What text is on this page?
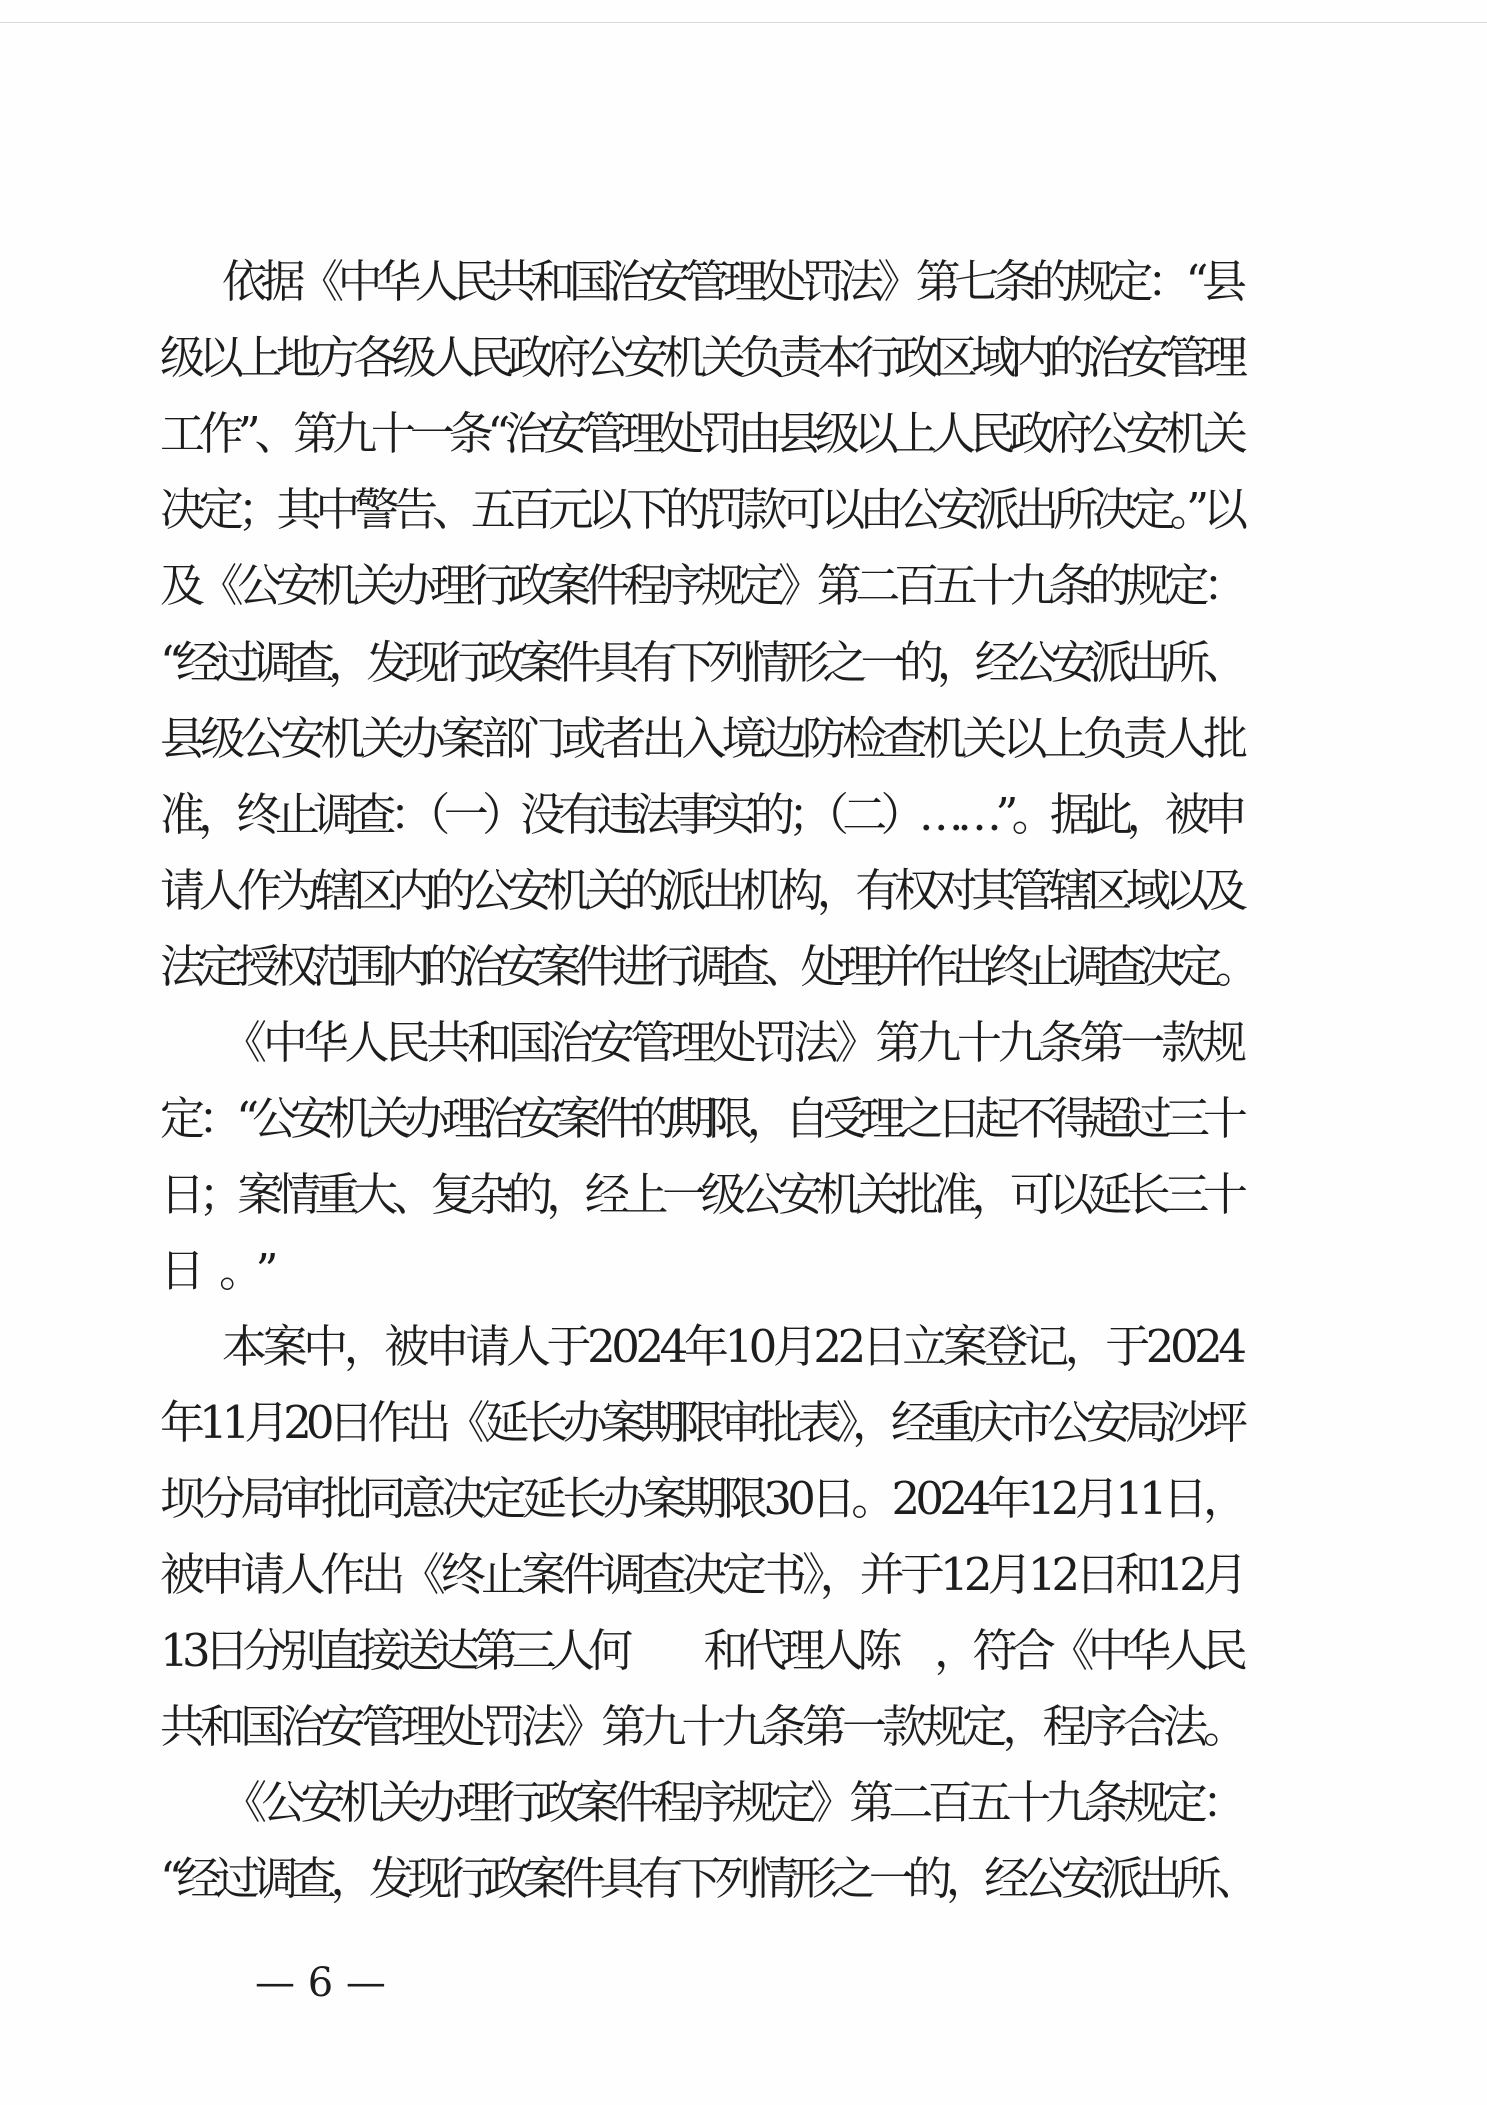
依据《中华人民共和国治安管理处罚法》第七条的规定：“县
级以上地方各级人民政府公安机关负责本行政区域内的治安管理
工作”、第九十一条“治安管理处罚由县级以上人民政府公安机关
决定；其中警告、五百元以下的罚款可以由公安派出所决定。”以
及《公安机关办理行政案件程序规定》第二百五十九条的规定：
“经过调查，发现行政案件具有下列情形之一的，经公安派出所、
县级公安机关办案部门或者出入境边防检查机关以上负责人批
准，终止调查：（一）没有违法事实的；（二）……”。据此，被申
请人作为辖区内的公安机关的派出机构，有权对其管辖区域以及
法定授权范围内的治安案件进行调查、处理并作出终止调查决定。
《中华人民共和国治安管理处罚法》第九十九条第一款规
定：“公安机关办理治安案件的期限，自受理之日起不得超过三十
日；案情重大、复杂的，经上一级公安机关批准，可以延长三十
日。”
本案中，被申请人于2024年10月22日立案登记，于2024
年11月20日作出《延长办案期限审批表》，经重庆市公安局沙坪
坝分局审批同意决定延长办案期限30日。2024年12月11日，
被申请人作出《终止案件调查决定书》，并于12月12日和12月
13日分别直接送达第三人何　　和代理人陈　，符合《中华人民
共和国治安管理处罚法》第九十九条第一款规定，程序合法。
《公安机关办理行政案件程序规定》第二百五十九条规定：
“经过调查，发现行政案件具有下列情形之一的，经公安派出所、
— 6 —
